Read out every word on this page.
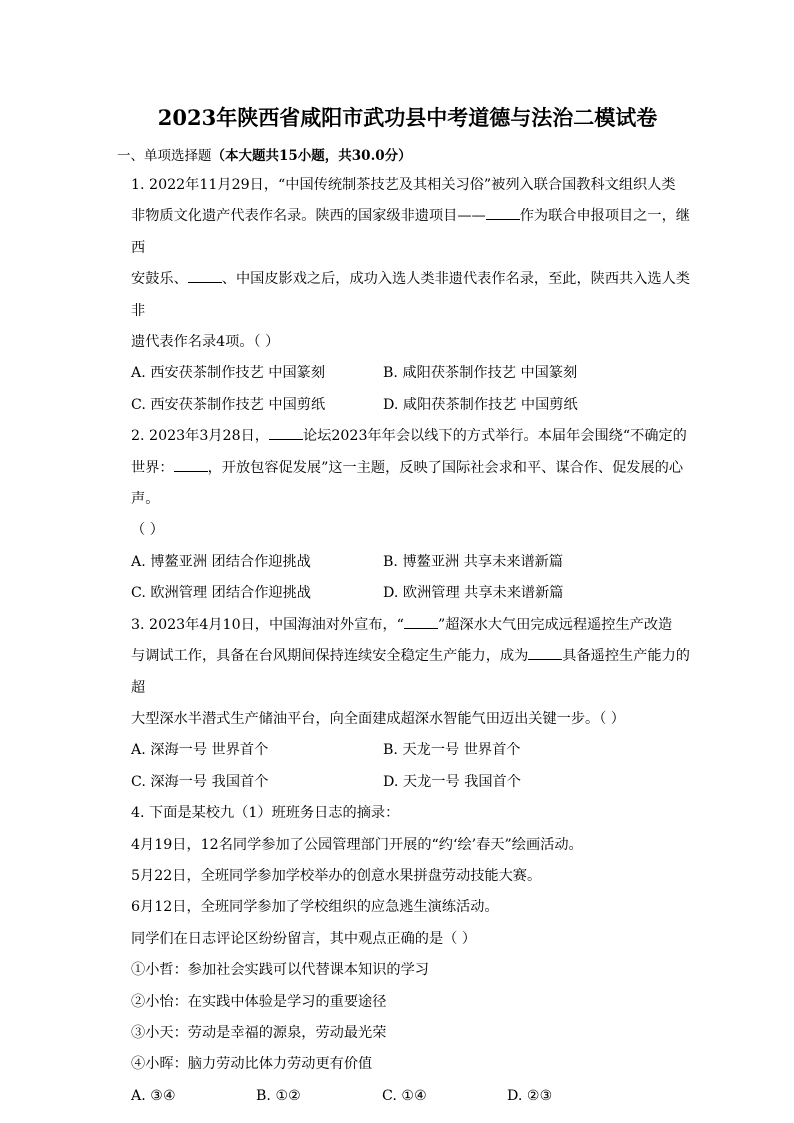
2023年陕西省咸阳市武功县中考道德与法治二模试卷
一、单项选择题（本大题共15小题，共30.0分）

1. 2022年11月29日，“中国传统制茶技艺及其相关习俗”被列入联合国教科文组织人类

非物质文化遗产代表作名录。陕西的国家级非遗项目—— 作为联合申报项目之一，继西

安鼓乐、 、中国皮影戏之后，成功入选人类非遗代表作名录，至此，陕西共入选人类非

遗代表作名录4项。（ ）

A. 西安茯茶制作技艺 中国篆刻	B. 咸阳茯茶制作技艺 中国篆刻
C. 西安茯茶制作技艺 中国剪纸	D. 咸阳茯茶制作技艺 中国剪纸

2. 2023年3月28日， 论坛2023年年会以线下的方式举行。本届年会围绕“不确定的

世界： ，开放包容促发展”这一主题，反映了国际社会求和平、谋合作、促发展的心声。

（ ）

A. 博鳌亚洲 团结合作迎挑战	B. 博鳌亚洲 共享未来谱新篇
C. 欧洲管理 团结合作迎挑战	D. 欧洲管理 共享未来谱新篇

3. 2023年4月10日，中国海油对外宣布，“ ”超深水大气田完成远程遥控生产改造

与调试工作，具备在台风期间保持连续安全稳定生产能力，成为 具备遥控生产能力的超

大型深水半潜式生产储油平台，向全面建成超深水智能气田迈出关键一步。（ ）

A. 深海一号 世界首个	B. 天龙一号 世界首个
C. 深海一号 我国首个	D. 天龙一号 我国首个

4. 下面是某校九（1）班班务日志的摘录：

4月19日，12名同学参加了公园管理部门开展的“约‘绘’春天”绘画活动。

5月22日，全班同学参加学校举办的创意水果拼盘劳动技能大赛。

6月12日，全班同学参加了学校组织的应急逃生演练活动。

同学们在日志评论区纷纷留言，其中观点正确的是（ ）

①小哲：参加社会实践可以代替课本知识的学习

②小怡：在实践中体验是学习的重要途径

③小天：劳动是幸福的源泉，劳动最光荣

④小晖：脑力劳动比体力劳动更有价值

A. ③④	B. ①②	C. ①④	D. ②③
